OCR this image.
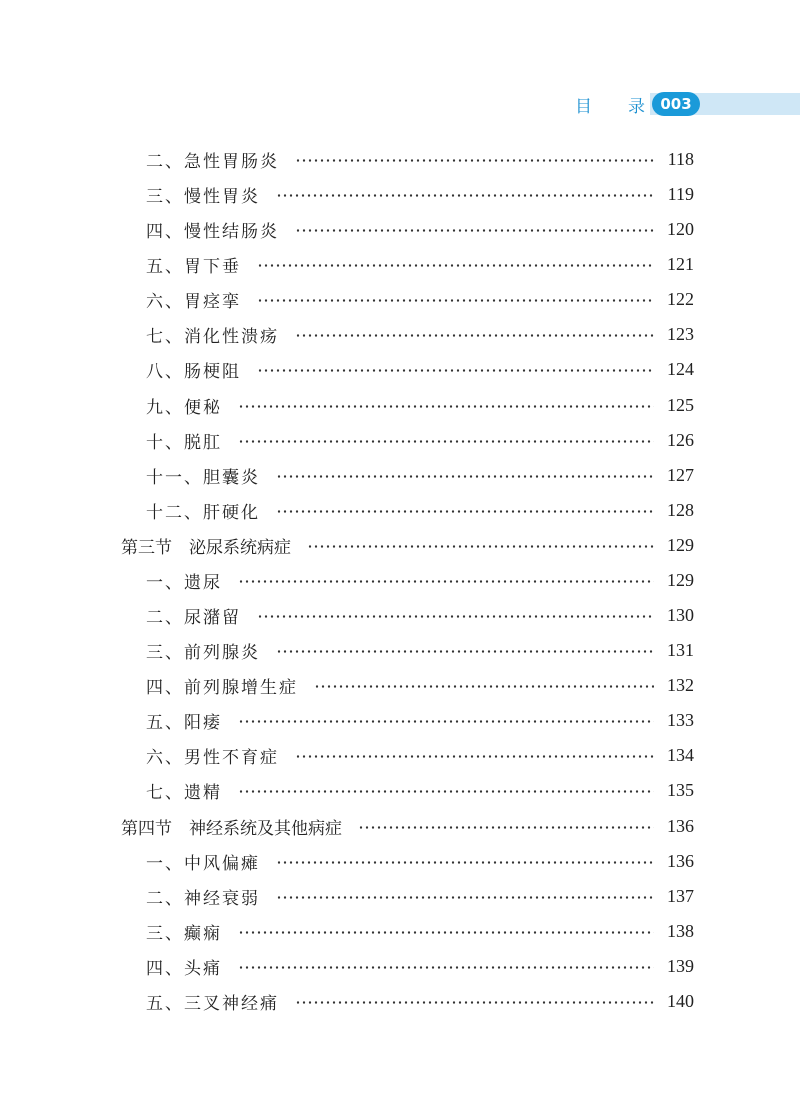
目 录	003
二、急性胃肠炎	118
三、慢性胃炎	119
四、慢性结肠炎	120
五、胃下垂	121
六、胃痉挛	122
七、消化性溃疡	123
八、肠梗阻	124
九、便秘	125
十、脱肛	126
十一、胆囊炎	127
十二、肝硬化	128
第三节　泌尿系统病症	129
一、遗尿	129
二、尿潴留	130
三、前列腺炎	131
四、前列腺增生症	132
五、阳痿	133
六、男性不育症	134
七、遗精	135
第四节　神经系统及其他病症	136
一、中风偏瘫	136
二、神经衰弱	137
三、癫痫	138
四、头痛	139
五、三叉神经痛	140
